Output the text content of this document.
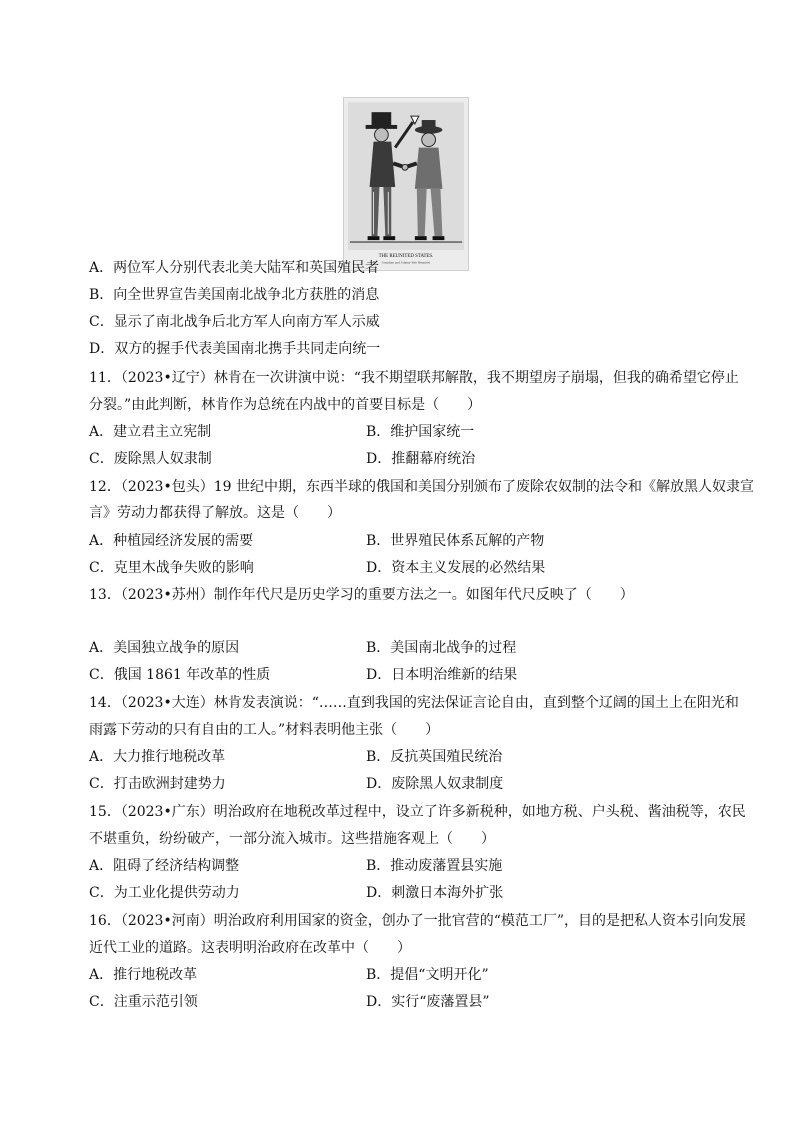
THE REUNITED STATES.
Jonathan and Johnny Reb Reunited
A．两位军人分别代表北美大陆军和英国殖民者
B．向全世界宣告美国南北战争北方获胜的消息
C．显示了南北战争后北方军人向南方军人示威
D．双方的握手代表美国南北携手共同走向统一
11．（2023•辽宁）林肯在一次讲演中说：“我不期望联邦解散，我不期望房子崩塌，但我的确希望它停止
分裂。”由此判断，林肯作为总统在内战中的首要目标是（　　）
A．建立君主立宪制	B．维护国家统一
C．废除黑人奴隶制	D．推翻幕府统治
12．（2023•包头）19 世纪中期，东西半球的俄国和美国分别颁布了废除农奴制的法令和《解放黑人奴隶宣
言》劳动力都获得了解放。这是（　　）
A．种植园经济发展的需要	B．世界殖民体系瓦解的产物
C．克里木战争失败的影响	D．资本主义发展的必然结果
13．（2023•苏州）制作年代尺是历史学习的重要方法之一。如图年代尺反映了（　　）
A．美国独立战争的原因	B．美国南北战争的过程
C．俄国 1861 年改革的性质	D．日本明治维新的结果
14．（2023•大连）林肯发表演说：“……直到我国的宪法保证言论自由，直到整个辽阔的国土上在阳光和
雨露下劳动的只有自由的工人。”材料表明他主张（　　）
A．大力推行地税改革	B．反抗英国殖民统治
C．打击欧洲封建势力	D．废除黑人奴隶制度
15．（2023•广东）明治政府在地税改革过程中，设立了许多新税种，如地方税、户头税、酱油税等，农民
不堪重负，纷纷破产，一部分流入城市。这些措施客观上（　　）
A．阻碍了经济结构调整	B．推动废藩置县实施
C．为工业化提供劳动力	D．刺激日本海外扩张
16．（2023•河南）明治政府利用国家的资金，创办了一批官营的“模范工厂”，目的是把私人资本引向发展
近代工业的道路。这表明明治政府在改革中（　　）
A．推行地税改革	B．提倡“文明开化”
C．注重示范引领	D．实行“废藩置县”
